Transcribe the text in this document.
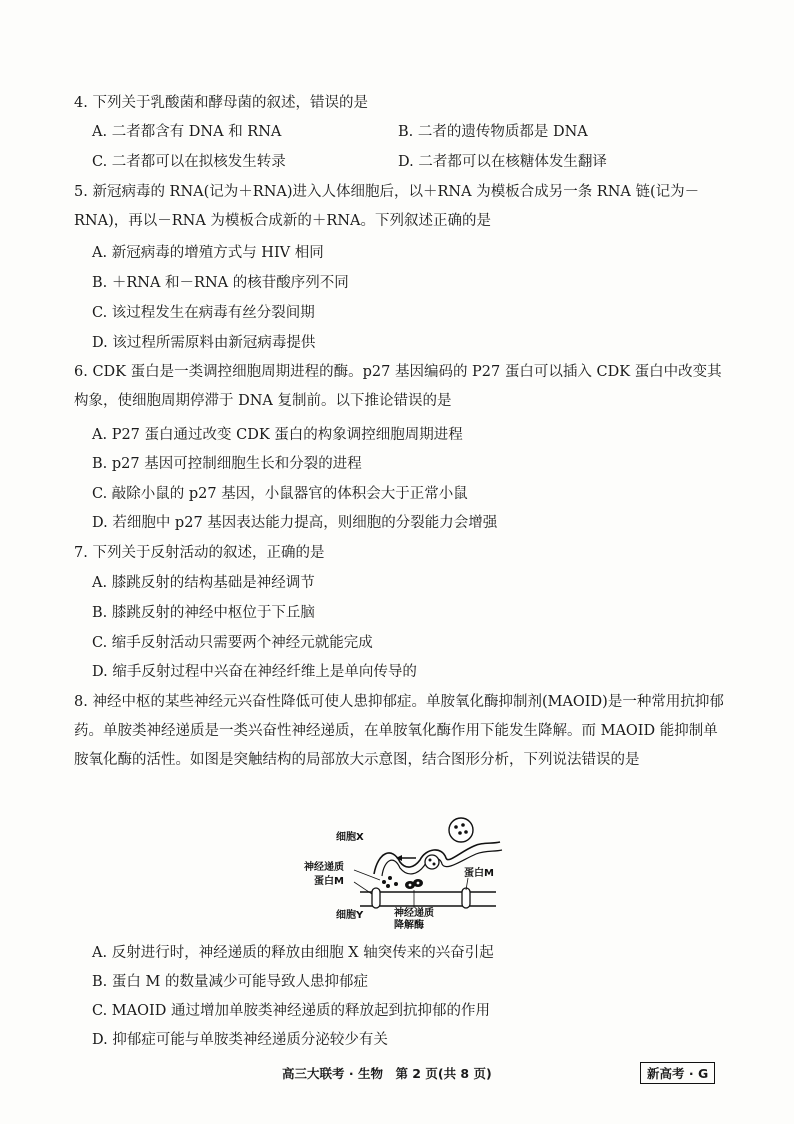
4. 下列关于乳酸菌和酵母菌的叙述，错误的是
A. 二者都含有 DNA 和 RNA	B. 二者的遗传物质都是 DNA
C. 二者都可以在拟核发生转录	D. 二者都可以在核糖体发生翻译
5. 新冠病毒的 RNA(记为＋RNA)进入人体细胞后，以＋RNA 为模板合成另一条 RNA 链(记为－RNA)，再以－RNA 为模板合成新的＋RNA。下列叙述正确的是
A. 新冠病毒的增殖方式与 HIV 相同
B. ＋RNA 和－RNA 的核苷酸序列不同
C. 该过程发生在病毒有丝分裂间期
D. 该过程所需原料由新冠病毒提供
6. CDK 蛋白是一类调控细胞周期进程的酶。p27 基因编码的 P27 蛋白可以插入 CDK 蛋白中改变其构象，使细胞周期停滞于 DNA 复制前。以下推论错误的是
A. P27 蛋白通过改变 CDK 蛋白的构象调控细胞周期进程
B. p27 基因可控制细胞生长和分裂的进程
C. 敲除小鼠的 p27 基因，小鼠器官的体积会大于正常小鼠
D. 若细胞中 p27 基因表达能力提高，则细胞的分裂能力会增强
7. 下列关于反射活动的叙述，正确的是
A. 膝跳反射的结构基础是神经调节
B. 膝跳反射的神经中枢位于下丘脑
C. 缩手反射活动只需要两个神经元就能完成
D. 缩手反射过程中兴奋在神经纤维上是单向传导的
8. 神经中枢的某些神经元兴奋性降低可使人患抑郁症。单胺氧化酶抑制剂(MAOID)是一种常用抗抑郁药。单胺类神经递质是一类兴奋性神经递质，在单胺氧化酶作用下能发生降解。而 MAOID 能抑制单胺氧化酶的活性。如图是突触结构的局部放大示意图，结合图形分析，下列说法错误的是
细胞X
神经递质
蛋白M
蛋白M
细胞Y	神经递质
降解酶
A. 反射进行时，神经递质的释放由细胞 X 轴突传来的兴奋引起
B. 蛋白 M 的数量减少可能导致人患抑郁症
C. MAOID 通过增加单胺类神经递质的释放起到抗抑郁的作用
D. 抑郁症可能与单胺类神经递质分泌较少有关
高三大联考 · 生物　第 2 页(共 8 页)	新高考 · G
